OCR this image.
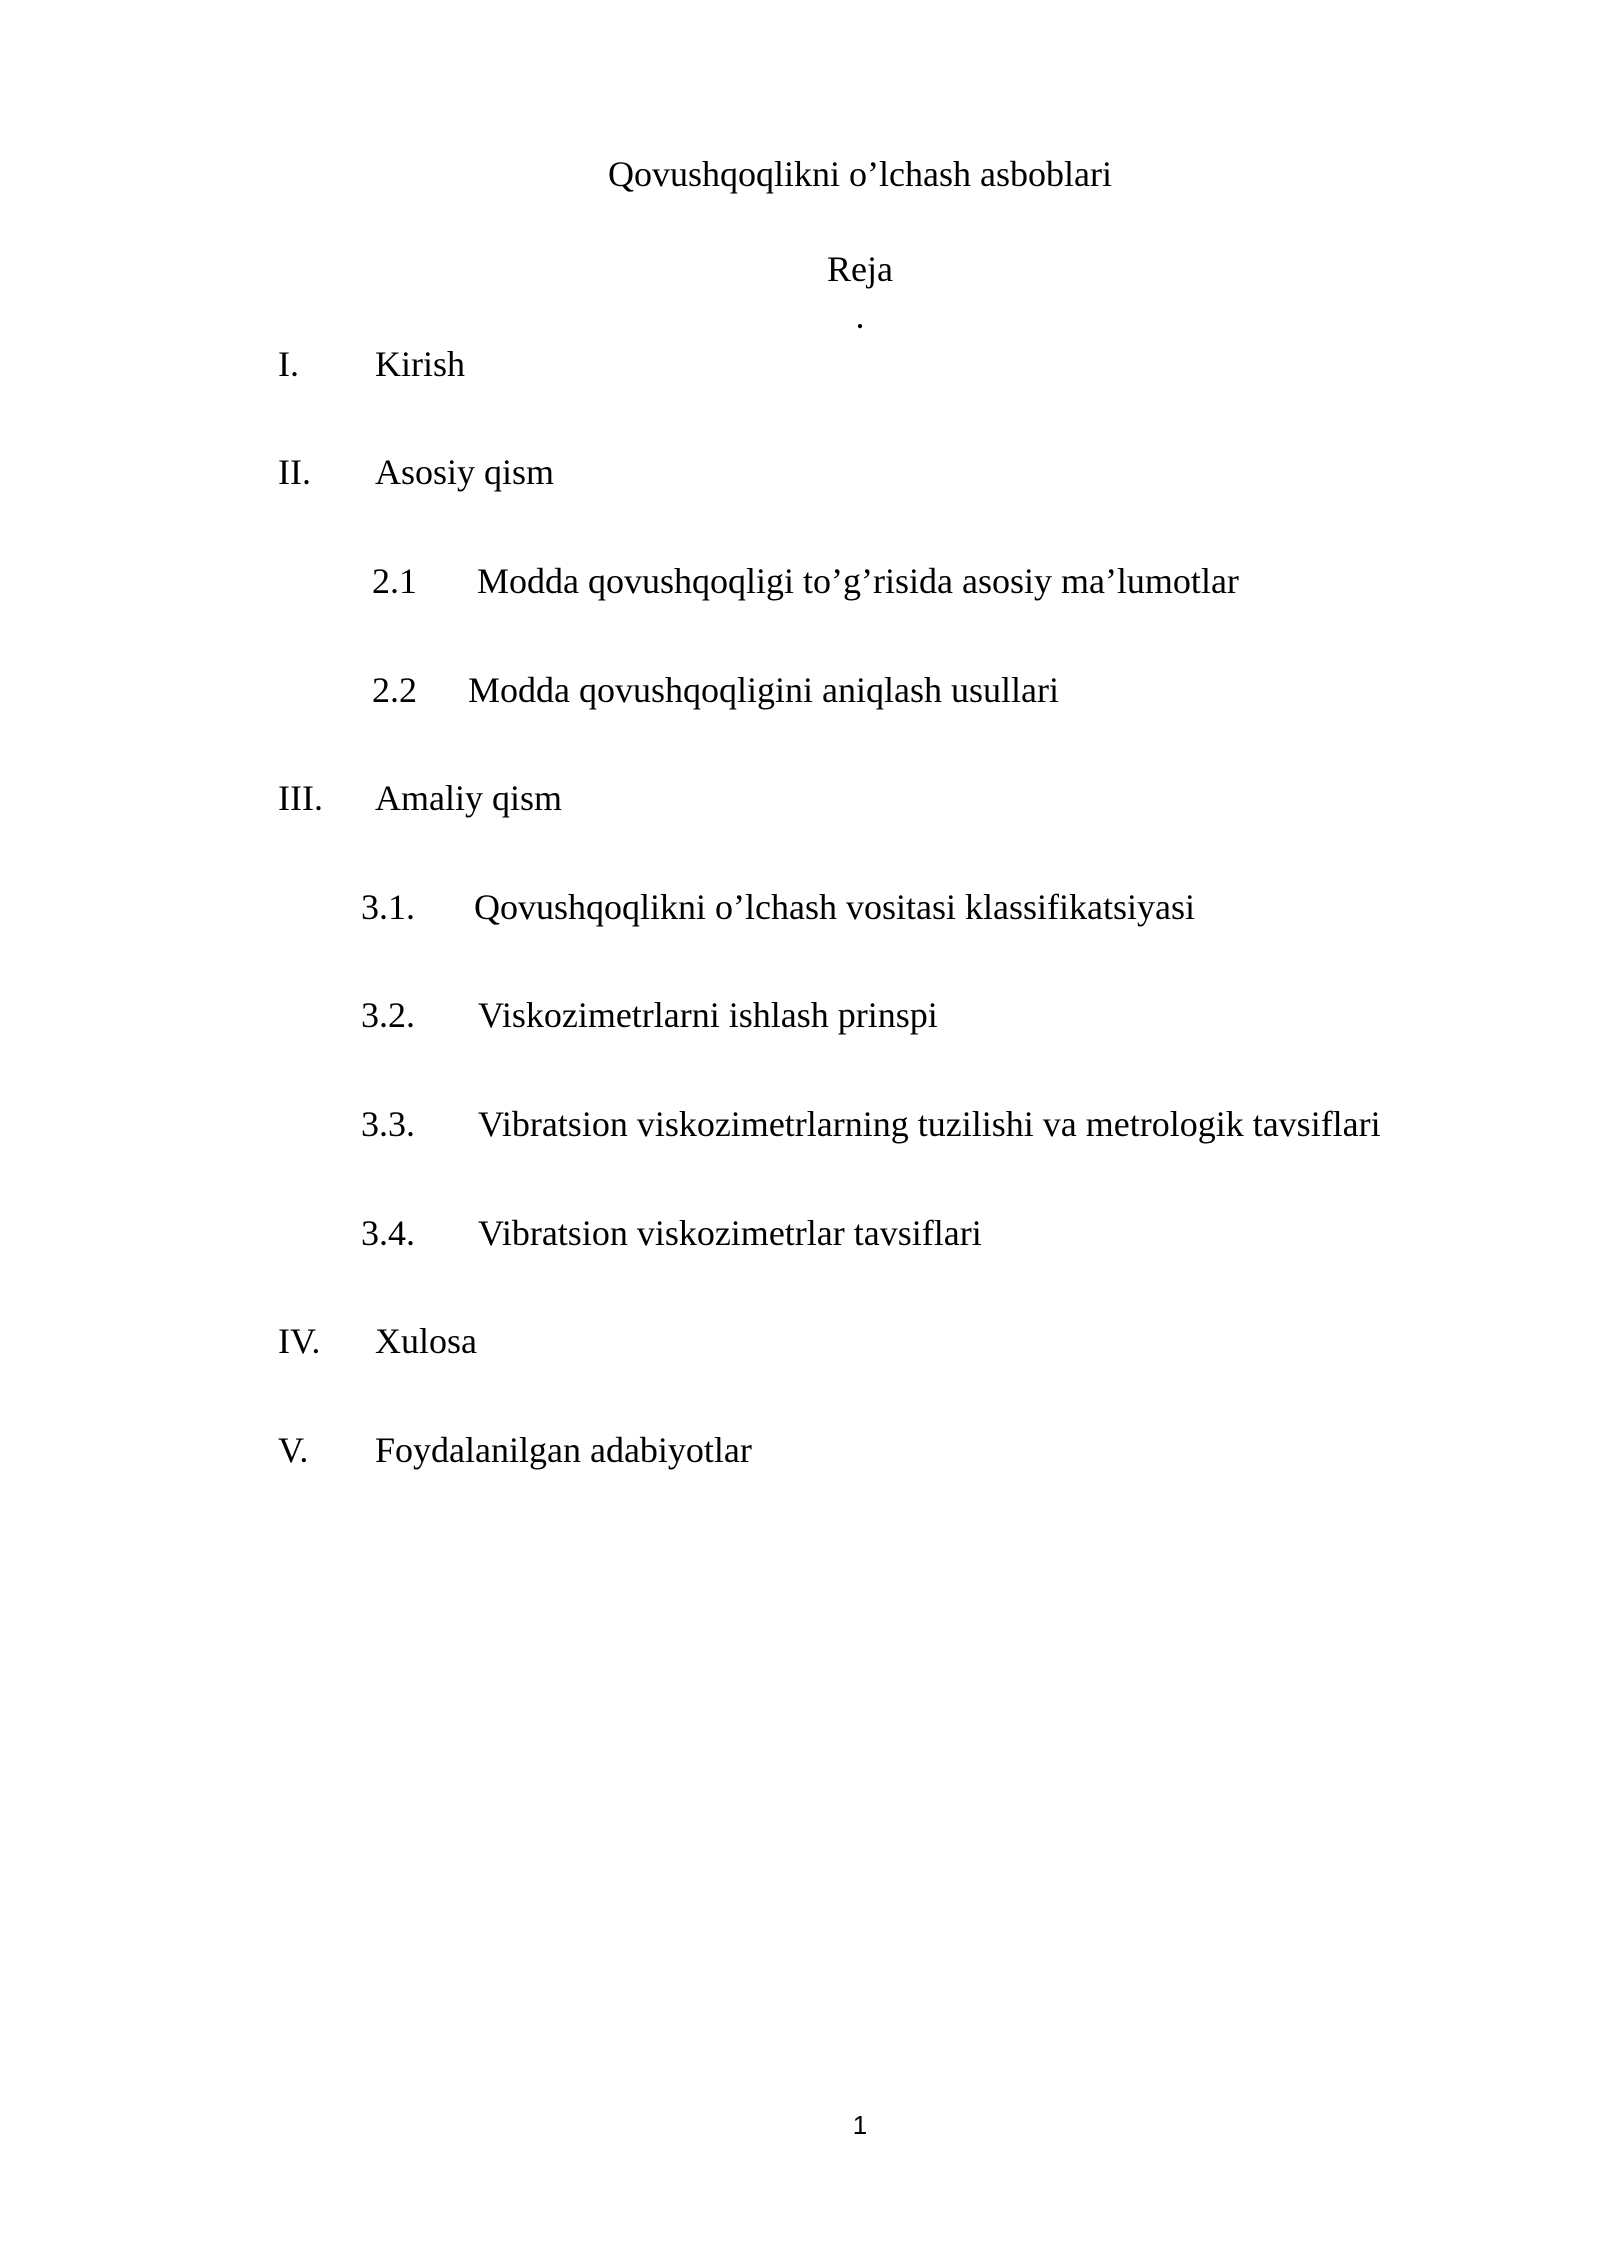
Qovushqoqlikni o’lchash asboblari
Reja
.
I. Kirish
II. Asosiy qism
2.1 Modda qovushqoqligi to’g’risida asosiy ma’lumotlar
2.2 Modda qovushqoqligini aniqlash usullari
III. Amaliy qism
3.1. Qovushqoqlikni o’lchash vositasi klassifikatsiyasi
3.2. Viskozimetrlarni ishlash prinspi
3.3. Vibratsion viskozimetrlarning tuzilishi va metrologik tavsiflari
3.4. Vibratsion viskozimetrlar tavsiflari
IV. Xulosa
V. Foydalanilgan adabiyotlar
1
